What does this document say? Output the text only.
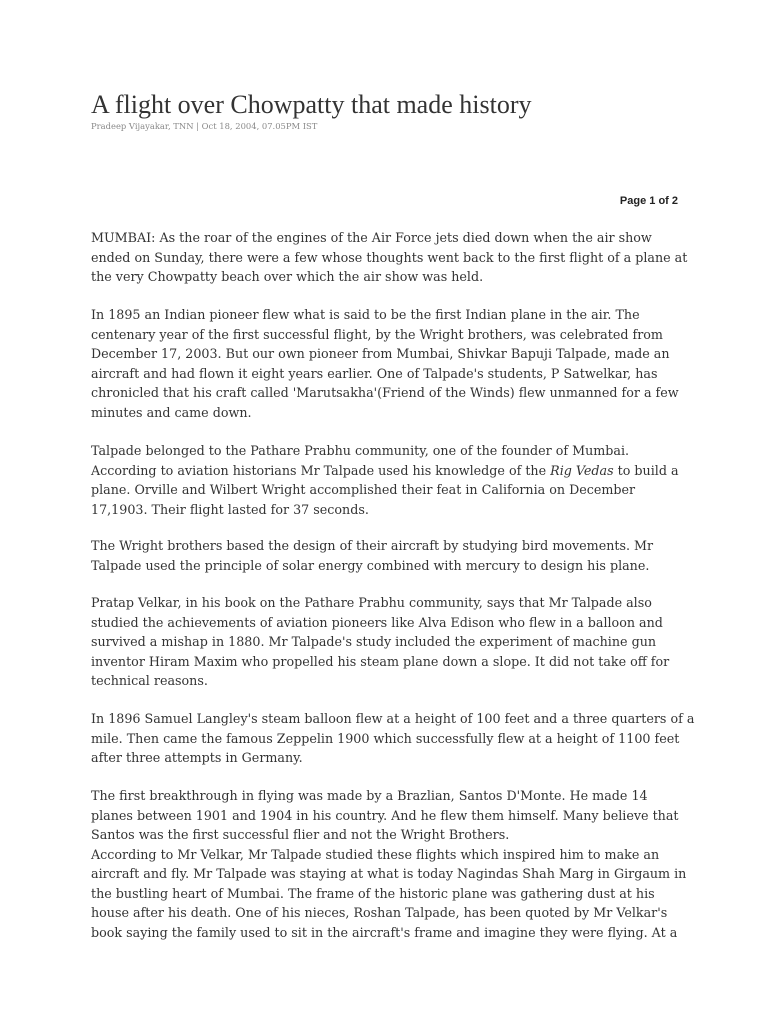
A flight over Chowpatty that made history
Pradeep Vijayakar, TNN | Oct 18, 2004, 07.05PM IST
Page 1 of 2
MUMBAI: As the roar of the engines of the Air Force jets died down when the air show
ended on Sunday, there were a few whose thoughts went back to the first flight of a plane at
the very Chowpatty beach over which the air show was held.
In 1895 an Indian pioneer flew what is said to be the first Indian plane in the air. The
centenary year of the first successful flight, by the Wright brothers, was celebrated from
December 17, 2003. But our own pioneer from Mumbai, Shivkar Bapuji Talpade, made an
aircraft and had flown it eight years earlier. One of Talpade's students, P Satwelkar, has
chronicled that his craft called 'Marutsakha'(Friend of the Winds) flew unmanned for a few
minutes and came down.
Talpade belonged to the Pathare Prabhu community, one of the founder of Mumbai.
According to aviation historians Mr Talpade used his knowledge of the Rig Vedas to build a
plane. Orville and Wilbert Wright accomplished their feat in California on December
17,1903. Their flight lasted for 37 seconds.
The Wright brothers based the design of their aircraft by studying bird movements. Mr
Talpade used the principle of solar energy combined with mercury to design his plane.
Pratap Velkar, in his book on the Pathare Prabhu community, says that Mr Talpade also
studied the achievements of aviation pioneers like Alva Edison who flew in a balloon and
survived a mishap in 1880. Mr Talpade's study included the experiment of machine gun
inventor Hiram Maxim who propelled his steam plane down a slope. It did not take off for
technical reasons.
In 1896 Samuel Langley's steam balloon flew at a height of 100 feet and a three quarters of a
mile. Then came the famous Zeppelin 1900 which successfully flew at a height of 1100 feet
after three attempts in Germany.
The first breakthrough in flying was made by a Brazlian, Santos D'Monte. He made 14
planes between 1901 and 1904 in his country. And he flew them himself. Many believe that
Santos was the first successful flier and not the Wright Brothers.
According to Mr Velkar, Mr Talpade studied these flights which inspired him to make an
aircraft and fly. Mr Talpade was staying at what is today Nagindas Shah Marg in Girgaum in
the bustling heart of Mumbai. The frame of the historic plane was gathering dust at his
house after his death. One of his nieces, Roshan Talpade, has been quoted by Mr Velkar's
book saying the family used to sit in the aircraft's frame and imagine they were flying. At a
